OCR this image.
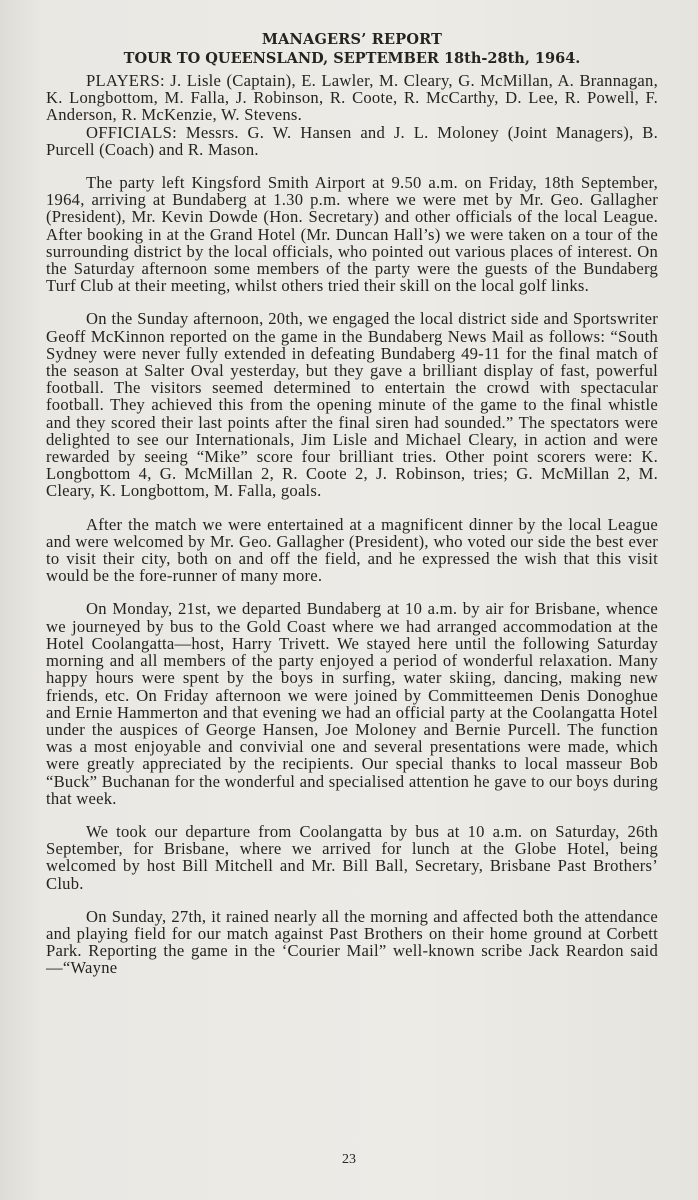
MANAGERS’ REPORT
TOUR TO QUEENSLAND, SEPTEMBER 18th-28th, 1964.

PLAYERS: J. Lisle (Captain), E. Lawler, M. Cleary, G. McMillan, A. Brannagan, K. Longbottom, M. Falla, J. Robinson, R. Coote, R. McCarthy, D. Lee, R. Powell, F. Anderson, R. McKenzie, W. Stevens.

OFFICIALS: Messrs. G. W. Hansen and J. L. Moloney (Joint Managers), B. Purcell (Coach) and R. Mason.

The party left Kingsford Smith Airport at 9.50 a.m. on Friday, 18th September, 1964, arriving at Bundaberg at 1.30 p.m. where we were met by Mr. Geo. Gallagher (President), Mr. Kevin Dowde (Hon. Secretary) and other officials of the local League. After booking in at the Grand Hotel (Mr. Duncan Hall’s) we were taken on a tour of the surrounding district by the local officials, who pointed out various places of interest. On the Saturday afternoon some members of the party were the guests of the Bundaberg Turf Club at their meeting, whilst others tried their skill on the local golf links.

On the Sunday afternoon, 20th, we engaged the local district side and Sportswriter Geoff McKinnon reported on the game in the Bundaberg News Mail as follows: “South Sydney were never fully extended in defeating Bundaberg 49-11 for the final match of the season at Salter Oval yesterday, but they gave a brilliant display of fast, powerful football. The visitors seemed determined to entertain the crowd with spectacular football. They achieved this from the opening minute of the game to the final whistle and they scored their last points after the final siren had sounded.” The spectators were delighted to see our Internationals, Jim Lisle and Michael Cleary, in action and were rewarded by seeing “Mike” score four brilliant tries. Other point scorers were: K. Longbottom 4, G. McMillan 2, R. Coote 2, J. Robinson, tries; G. McMillan 2, M. Cleary, K. Longbottom, M. Falla, goals.

After the match we were entertained at a magnificent dinner by the local League and were welcomed by Mr. Geo. Gallagher (President), who voted our side the best ever to visit their city, both on and off the field, and he expressed the wish that this visit would be the fore-runner of many more.

On Monday, 21st, we departed Bundaberg at 10 a.m. by air for Brisbane, whence we journeyed by bus to the Gold Coast where we had arranged accommodation at the Hotel Coolangatta—host, Harry Trivett. We stayed here until the following Saturday morning and all members of the party enjoyed a period of wonderful relaxation. Many happy hours were spent by the boys in surfing, water skiing, dancing, making new friends, etc. On Friday afternoon we were joined by Committeemen Denis Donoghue and Ernie Hammerton and that evening we had an official party at the Coolangatta Hotel under the auspices of George Hansen, Joe Moloney and Bernie Purcell. The function was a most enjoyable and convivial one and several presentations were made, which were greatly appreciated by the recipients. Our special thanks to local masseur Bob “Buck” Buchanan for the wonderful and specialised attention he gave to our boys during that week.

We took our departure from Coolangatta by bus at 10 a.m. on Saturday, 26th September, for Brisbane, where we arrived for lunch at the Globe Hotel, being welcomed by host Bill Mitchell and Mr. Bill Ball, Secretary, Brisbane Past Brothers’ Club.

On Sunday, 27th, it rained nearly all the morning and affected both the attendance and playing field for our match against Past Brothers on their home ground at Corbett Park. Reporting the game in the ‘Courier Mail” well-known scribe Jack Reardon said—“Wayne

23
